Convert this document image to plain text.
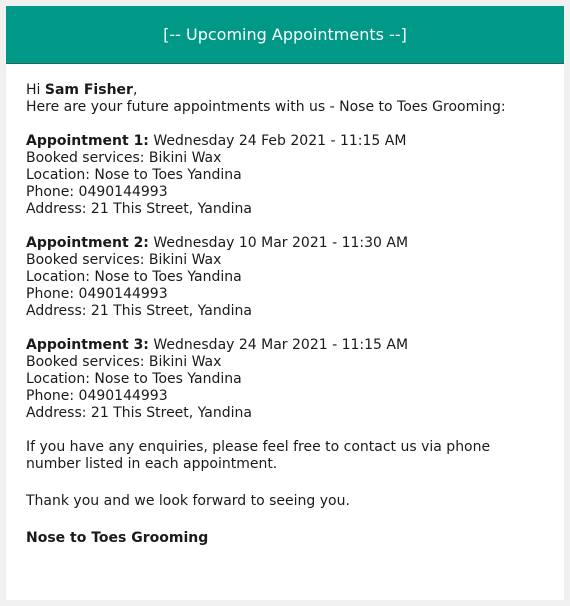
[-- Upcoming Appointments --]

Hi Sam Fisher,
Here are your future appointments with us - Nose to Toes Grooming:

Appointment 1: Wednesday 24 Feb 2021 - 11:15 AM
Booked services: Bikini Wax
Location: Nose to Toes Yandina
Phone: 0490144993
Address: 21 This Street, Yandina
Appointment 2: Wednesday 10 Mar 2021 - 11:30 AM
Booked services: Bikini Wax
Location: Nose to Toes Yandina
Phone: 0490144993
Address: 21 This Street, Yandina
Appointment 3: Wednesday 24 Mar 2021 - 11:15 AM
Booked services: Bikini Wax
Location: Nose to Toes Yandina
Phone: 0490144993
Address: 21 This Street, Yandina

If you have any enquiries, please feel free to contact us via phone number listed in each appointment.

Thank you and we look forward to seeing you.

Nose to Toes Grooming
